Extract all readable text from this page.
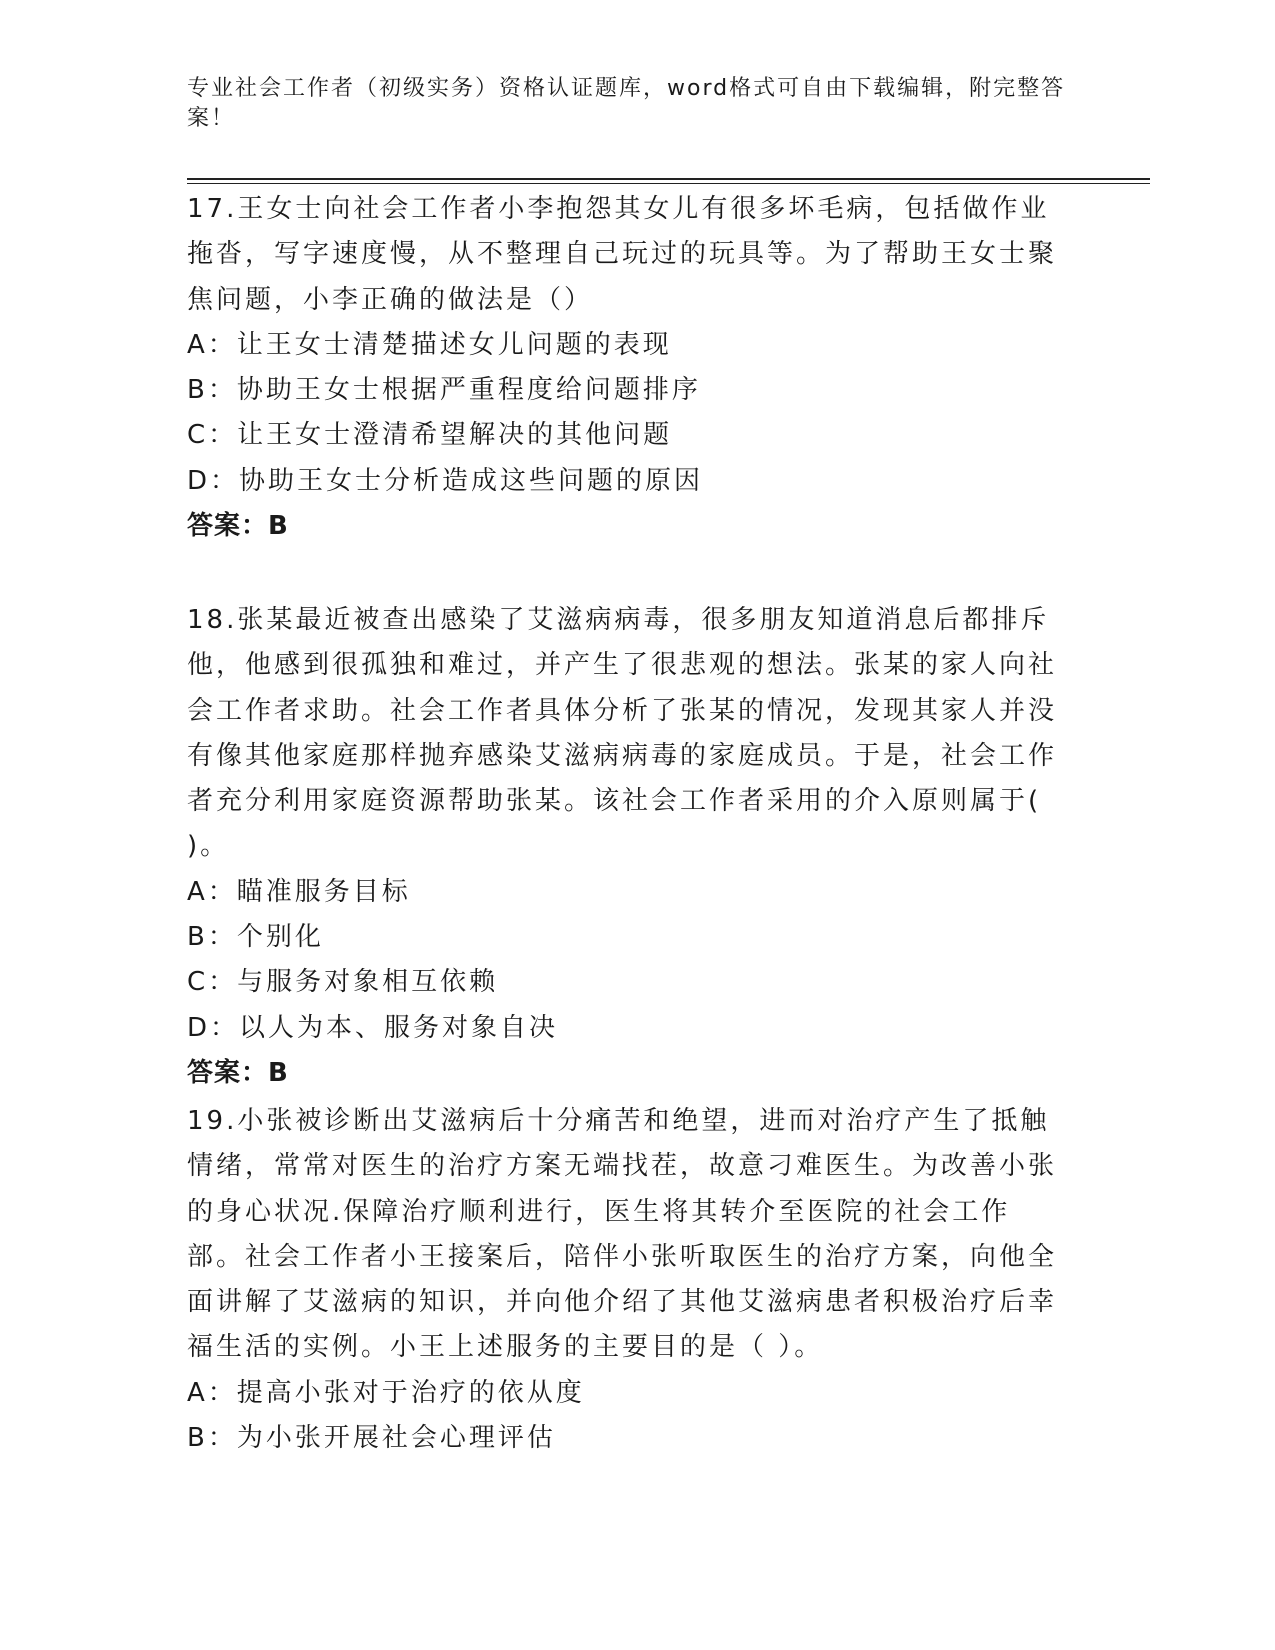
专业社会工作者（初级实务）资格认证题库，word格式可自由下载编辑，附完整答案！
17.王女士向社会工作者小李抱怨其女儿有很多坏毛病，包括做作业拖沓，写字速度慢，从不整理自己玩过的玩具等。为了帮助王女士聚焦问题，小李正确的做法是（）
A：让王女士清楚描述女儿问题的表现
B：协助王女士根据严重程度给问题排序
C：让王女士澄清希望解决的其他问题
D：协助王女士分析造成这些问题的原因
答案：B
18.张某最近被查出感染了艾滋病病毒，很多朋友知道消息后都排斥他，他感到很孤独和难过，并产生了很悲观的想法。张某的家人向社会工作者求助。社会工作者具体分析了张某的情况，发现其家人并没有像其他家庭那样抛弃感染艾滋病病毒的家庭成员。于是，社会工作者充分利用家庭资源帮助张某。该社会工作者采用的介入原则属于( )。
A：瞄准服务目标
B：个别化
C：与服务对象相互依赖
D：以人为本、服务对象自决
答案：B
19.小张被诊断出艾滋病后十分痛苦和绝望，进而对治疗产生了抵触情绪，常常对医生的治疗方案无端找茬，故意刁难医生。为改善小张的身心状况.保障治疗顺利进行，医生将其转介至医院的社会工作部。社会工作者小王接案后，陪伴小张听取医生的治疗方案，向他全面讲解了艾滋病的知识，并向他介绍了其他艾滋病患者积极治疗后幸福生活的实例。小王上述服务的主要目的是（ ）。
A：提高小张对于治疗的依从度
B：为小张开展社会心理评估
